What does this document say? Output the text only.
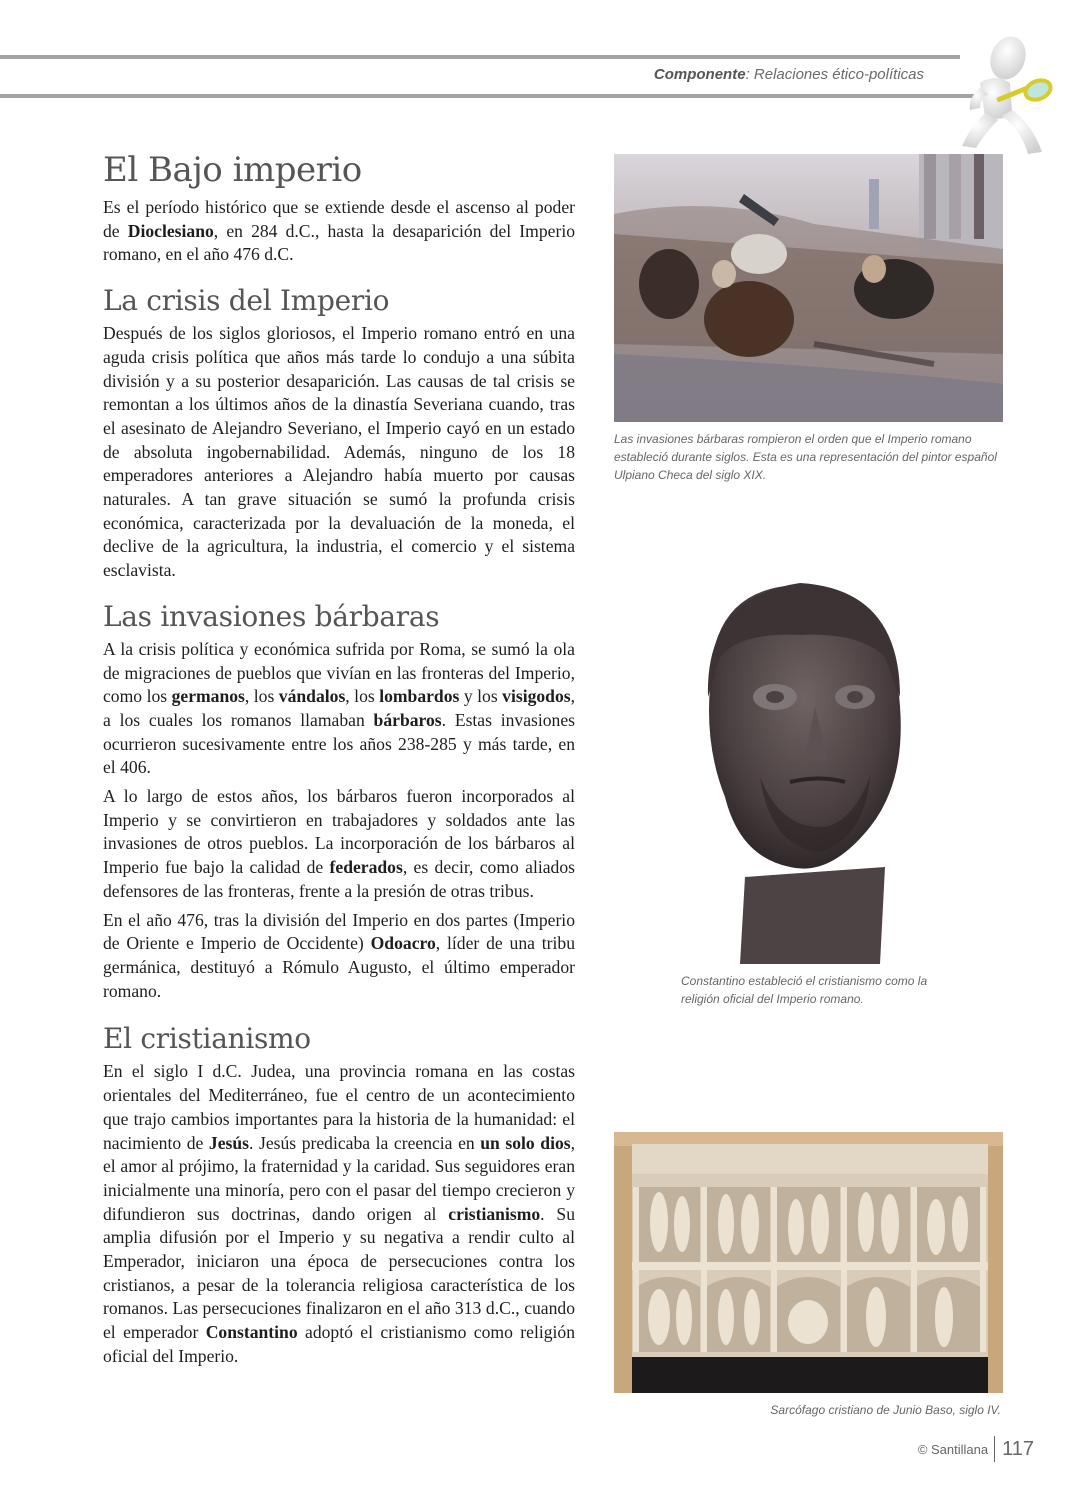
Componente: Relaciones ético-políticas
El Bajo imperio

Es el período histórico que se extiende desde el ascenso al poder de Dioclesiano, en 284 d.C., hasta la desaparición del Imperio romano, en el año 476 d.C.

La crisis del Imperio

Después de los siglos gloriosos, el Imperio romano entró en una aguda crisis política que años más tarde lo condujo a una súbita división y a su posterior desaparición. Las causas de tal crisis se remontan a los últimos años de la dinastía Severiana cuando, tras el asesinato de Alejandro Severiano, el Imperio cayó en un estado de absoluta ingobernabilidad. Además, ninguno de los 18 emperadores anteriores a Alejandro había muerto por causas naturales. A tan grave situación se sumó la profunda crisis económica, caracterizada por la devaluación de la moneda, el declive de la agricultura, la industria, el comercio y el sistema esclavista.

Las invasiones bárbaras

A la crisis política y económica sufrida por Roma, se sumó la ola de migraciones de pueblos que vivían en las fronteras del Imperio, como los germanos, los vándalos, los lombardos y los visigodos, a los cuales los romanos llamaban bárbaros. Estas invasiones ocurrieron sucesivamente entre los años 238-285 y más tarde, en el 406.

A lo largo de estos años, los bárbaros fueron incorporados al Imperio y se convirtieron en trabajadores y soldados ante las invasiones de otros pueblos. La incorporación de los bárbaros al Imperio fue bajo la calidad de federados, es decir, como aliados defensores de las fronteras, frente a la presión de otras tribus.

En el año 476, tras la división del Imperio en dos partes (Imperio de Oriente e Imperio de Occidente) Odoacro, líder de una tribu germánica, destituyó a Rómulo Augusto, el último emperador romano.

El cristianismo

En el siglo I d.C. Judea, una provincia romana en las costas orientales del Mediterráneo, fue el centro de un acontecimiento que trajo cambios importantes para la historia de la humanidad: el nacimiento de Jesús. Jesús predicaba la creencia en un solo dios, el amor al prójimo, la fraternidad y la caridad. Sus seguidores eran inicialmente una minoría, pero con el pasar del tiempo crecieron y difundieron sus doctrinas, dando origen al cristianismo. Su amplia difusión por el Imperio y su negativa a rendir culto al Emperador, iniciaron una época de persecuciones contra los cristianos, a pesar de la tolerancia religiosa característica de los romanos. Las persecuciones finalizaron en el año 313 d.C., cuando el emperador Constantino adoptó el cristianismo como religión oficial del Imperio.

Las invasiones bárbaras rompieron el orden que el Imperio romano estableció durante siglos. Esta es una representación del pintor español Ulpiano Checa del siglo XIX.
Constantino estableció el cristianismo como la religión oficial del Imperio romano.
Sarcófago cristiano de Junio Baso, siglo IV.
© Santillana 117
